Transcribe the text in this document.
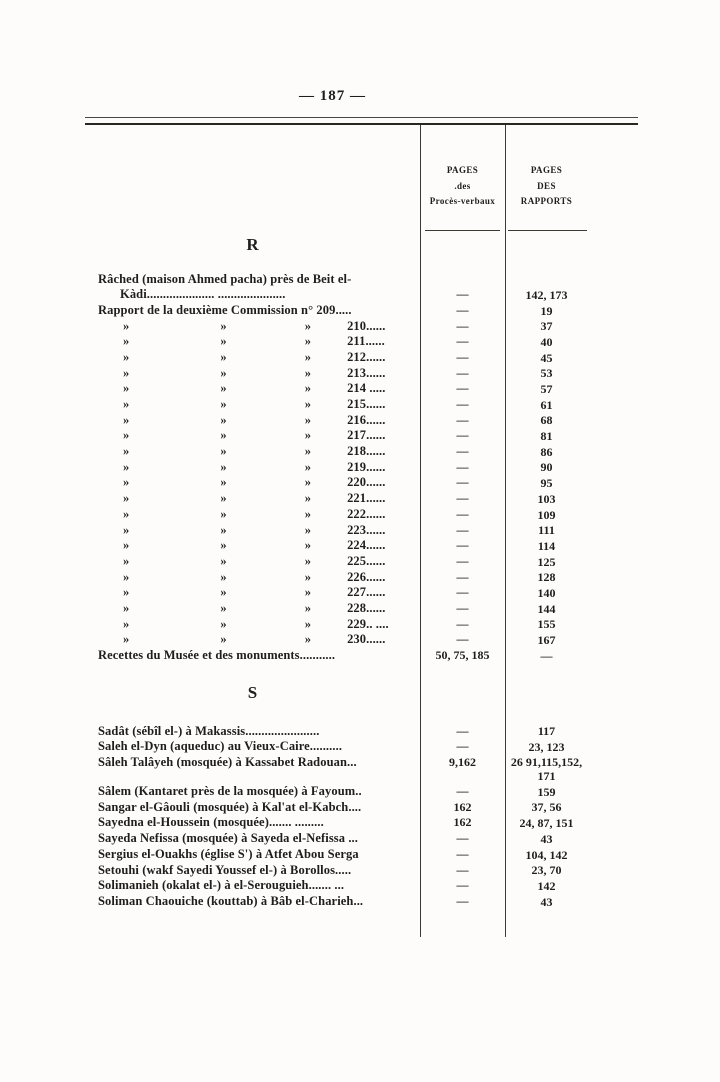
— 187 —
PAGES
.des
Procès-verbaux
PAGES
DES
RAPPORTS
R
Râched (maison Ahmed pacha) près de Beit el-
Kàdi..................... .....................	—	142, 173
Rapport de la deuxième Commission n° 209.....	—	19
»	»	»	210......	—	37
»	»	»	211......	—	40
»	»	»	212......	—	45
»	»	»	213......	—	53
»	»	»	214 .....	—	57
»	»	»	215......	—	61
»	»	»	216......	—	68
»	»	»	217......	—	81
»	»	»	218......	—	86
»	»	»	219......	—	90
»	»	»	220......	—	95
»	»	»	221......	—	103
»	»	»	222......	—	109
»	»	»	223......	—	111
»	»	»	224......	—	114
»	»	»	225......	—	125
»	»	»	226......	—	128
»	»	»	227......	—	140
»	»	»	228......	—	144
»	»	»	229.. ....	—	155
»	»	»	230......	—	167
Recettes du Musée et des monuments...........	50, 75, 185	—
S
Sadât (sébîl el-) à Makassis.......................	—	117
Saleh el-Dyn (aqueduc) au Vieux-Caire..........	—	23, 123
Sâleh Talâyeh (mosquée) à Kassabet Radouan...	9,162	26 91,115,152, 171
Sâlem (Kantaret près de la mosquée) à Fayoum..	—	159
Sangar el-Gâouli (mosquée) à Kal'at el-Kabch....	162	37, 56
Sayedna el-Houssein (mosquée)....... .........	162	24, 87, 151
Sayeda Nefissa (mosquée) à Sayeda el-Nefissa ...	—	43
Sergius el-Ouakhs (église S') à Atfet Abou Serga	—	104, 142
Setouhi (wakf Sayedi Youssef el-) à Borollos.....	—	23, 70
Solimanieh (okalat el-) à el-Serouguieh....... ...	—	142
Soliman Chaouiche (kouttab) à Bâb el-Charieh...	—	43
